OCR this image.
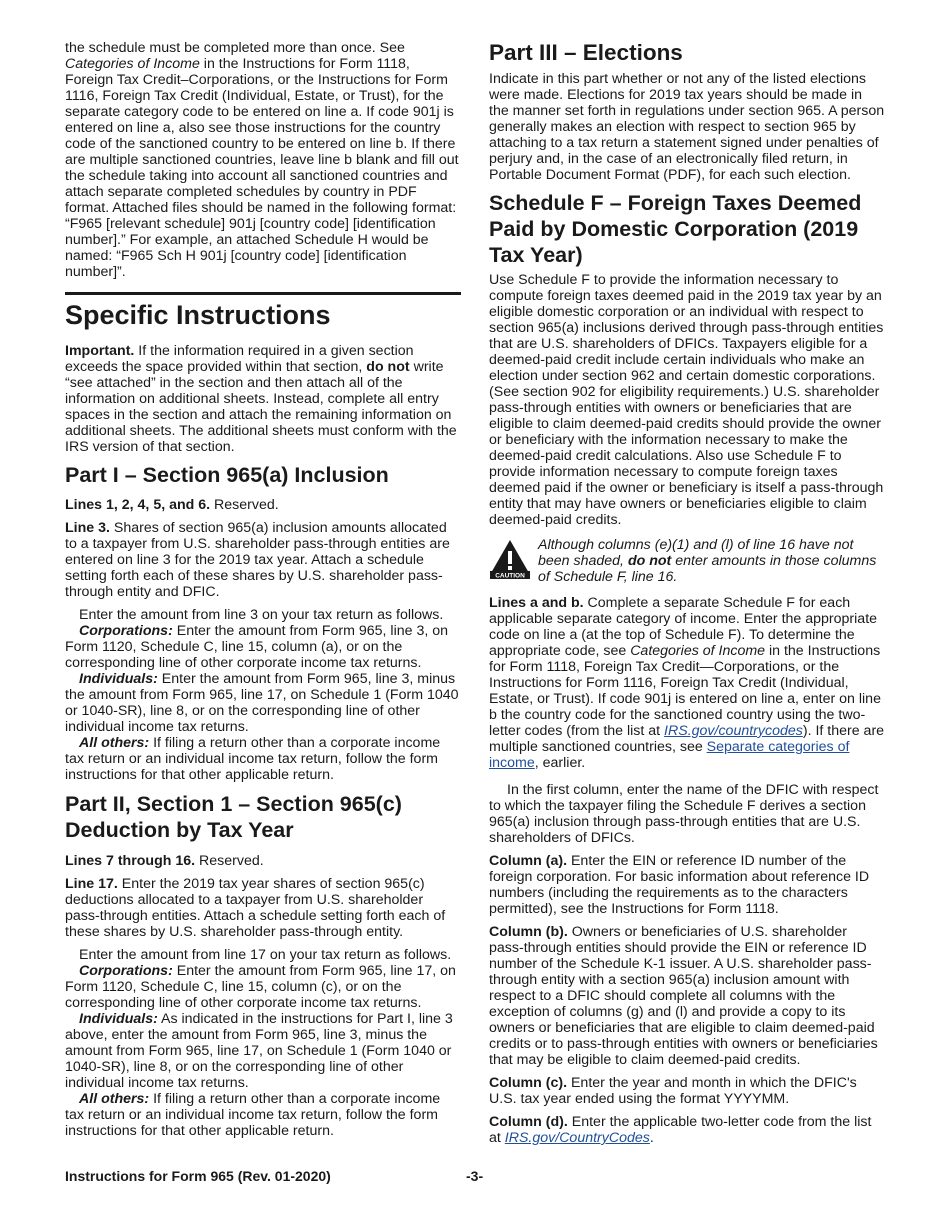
the schedule must be completed more than once. See Categories of Income in the Instructions for Form 1118, Foreign Tax Credit–Corporations, or the Instructions for Form 1116, Foreign Tax Credit (Individual, Estate, or Trust), for the separate category code to be entered on line a. If code 901j is entered on line a, also see those instructions for the country code of the sanctioned country to be entered on line b. If there are multiple sanctioned countries, leave line b blank and fill out the schedule taking into account all sanctioned countries and attach separate completed schedules by country in PDF format. Attached files should be named in the following format: “F965 [relevant schedule] 901j [country code] [identification number].” For example, an attached Schedule H would be named: “F965 Sch H 901j [country code] [identification number]”.

Specific Instructions

Important. If the information required in a given section exceeds the space provided within that section, do not write “see attached” in the section and then attach all of the information on additional sheets. Instead, complete all entry spaces in the section and attach the remaining information on additional sheets. The additional sheets must conform with the IRS version of that section.

Part I – Section 965(a) Inclusion

Lines 1, 2, 4, 5, and 6. Reserved.

Line 3. Shares of section 965(a) inclusion amounts allocated to a taxpayer from U.S. shareholder pass-through entities are entered on line 3 for the 2019 tax year. Attach a schedule setting forth each of these shares by U.S. shareholder pass-through entity and DFIC.

Enter the amount from line 3 on your tax return as follows.

Corporations: Enter the amount from Form 965, line 3, on Form 1120, Schedule C, line 15, column (a), or on the corresponding line of other corporate income tax returns.

Individuals: Enter the amount from Form 965, line 3, minus the amount from Form 965, line 17, on Schedule 1 (Form 1040 or 1040-SR), line 8, or on the corresponding line of other individual income tax returns.

All others: If filing a return other than a corporate income tax return or an individual income tax return, follow the form instructions for that other applicable return.

Part II, Section 1 – Section 965(c)
Deduction by Tax Year

Lines 7 through 16. Reserved.

Line 17. Enter the 2019 tax year shares of section 965(c) deductions allocated to a taxpayer from U.S. shareholder pass-through entities. Attach a schedule setting forth each of these shares by U.S. shareholder pass-through entity.

Enter the amount from line 17 on your tax return as follows.

Corporations: Enter the amount from Form 965, line 17, on Form 1120, Schedule C, line 15, column (c), or on the corresponding line of other corporate income tax returns.

Individuals: As indicated in the instructions for Part I, line 3 above, enter the amount from Form 965, line 3, minus the amount from Form 965, line 17, on Schedule 1 (Form 1040 or 1040-SR), line 8, or on the corresponding line of other individual income tax returns.

All others: If filing a return other than a corporate income tax return or an individual income tax return, follow the form instructions for that other applicable return.

Part III – Elections

Indicate in this part whether or not any of the listed elections were made. Elections for 2019 tax years should be made in the manner set forth in regulations under section 965. A person generally makes an election with respect to section 965 by attaching to a tax return a statement signed under penalties of perjury and, in the case of an electronically filed return, in Portable Document Format (PDF), for each such election.

Schedule F – Foreign Taxes Deemed
Paid by Domestic Corporation (2019
Tax Year)

Use Schedule F to provide the information necessary to compute foreign taxes deemed paid in the 2019 tax year by an eligible domestic corporation or an individual with respect to section 965(a) inclusions derived through pass-through entities that are U.S. shareholders of DFICs. Taxpayers eligible for a deemed-paid credit include certain individuals who make an election under section 962 and certain domestic corporations. (See section 902 for eligibility requirements.) U.S. shareholder pass-through entities with owners or beneficiaries that are eligible to claim deemed-paid credits should provide the owner or beneficiary with the information necessary to make the deemed-paid credit calculations. Also use Schedule F to provide information necessary to compute foreign taxes deemed paid if the owner or beneficiary is itself a pass-through entity that may have owners or beneficiaries eligible to claim deemed-paid credits.

CAUTION
Although columns (e)(1) and (l) of line 16 have not been shaded, do not enter amounts in those columns of Schedule F, line 16.

Lines a and b. Complete a separate Schedule F for each applicable separate category of income. Enter the appropriate code on line a (at the top of Schedule F). To determine the appropriate code, see Categories of Income in the Instructions for Form 1118, Foreign Tax Credit—Corporations, or the Instructions for Form 1116, Foreign Tax Credit (Individual, Estate, or Trust). If code 901j is entered on line a, enter on line b the country code for the sanctioned country using the two-letter codes (from the list at IRS.gov/countrycodes). If there are multiple sanctioned countries, see Separate categories of income, earlier.

In the first column, enter the name of the DFIC with respect to which the taxpayer filing the Schedule F derives a section 965(a) inclusion through pass-through entities that are U.S. shareholders of DFICs.

Column (a). Enter the EIN or reference ID number of the foreign corporation. For basic information about reference ID numbers (including the requirements as to the characters permitted), see the Instructions for Form 1118.

Column (b). Owners or beneficiaries of U.S. shareholder pass-through entities should provide the EIN or reference ID number of the Schedule K-1 issuer. A U.S. shareholder pass-through entity with a section 965(a) inclusion amount with respect to a DFIC should complete all columns with the exception of columns (g) and (l) and provide a copy to its owners or beneficiaries that are eligible to claim deemed-paid credits or to pass-through entities with owners or beneficiaries that may be eligible to claim deemed-paid credits.

Column (c). Enter the year and month in which the DFIC's U.S. tax year ended using the format YYYYMM.

Column (d). Enter the applicable two-letter code from the list at IRS.gov/CountryCodes.

Instructions for Form 965 (Rev. 01-2020)	-3-
